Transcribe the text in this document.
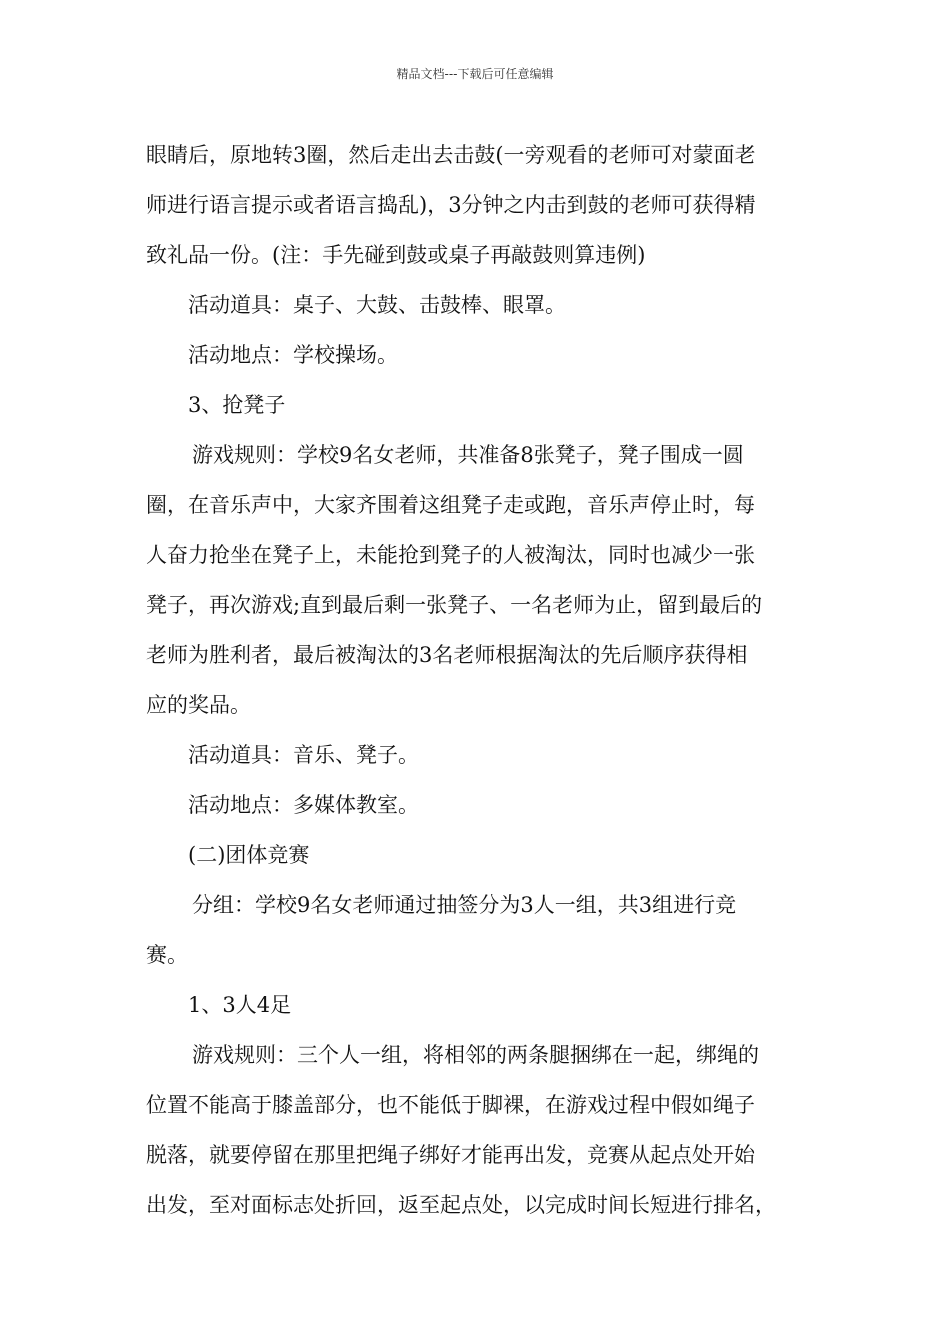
精品文档---下载后可任意编辑

眼睛后，原地转3圈，然后走出去击鼓(一旁观看的老师可对蒙面老

师进行语言提示或者语言捣乱)，3分钟之内击到鼓的老师可获得精

致礼品一份。(注：手先碰到鼓或桌子再敲鼓则算违例)

活动道具：桌子、大鼓、击鼓棒、眼罩。

活动地点：学校操场。

3、抢凳子

游戏规则：学校9名女老师，共准备8张凳子，凳子围成一圆

圈，在音乐声中，大家齐围着这组凳子走或跑，音乐声停止时，每

人奋力抢坐在凳子上，未能抢到凳子的人被淘汰，同时也减少一张

凳子，再次游戏;直到最后剩一张凳子、一名老师为止，留到最后的

老师为胜利者，最后被淘汰的3名老师根据淘汰的先后顺序获得相

应的奖品。

活动道具：音乐、凳子。

活动地点：多媒体教室。

(二)团体竞赛

分组：学校9名女老师通过抽签分为3人一组，共3组进行竞

赛。

1、3人4足

游戏规则：三个人一组，将相邻的两条腿捆绑在一起，绑绳的

位置不能高于膝盖部分，也不能低于脚裸，在游戏过程中假如绳子

脱落，就要停留在那里把绳子绑好才能再出发，竞赛从起点处开始

出发，至对面标志处折回，返至起点处，以完成时间长短进行排名，
